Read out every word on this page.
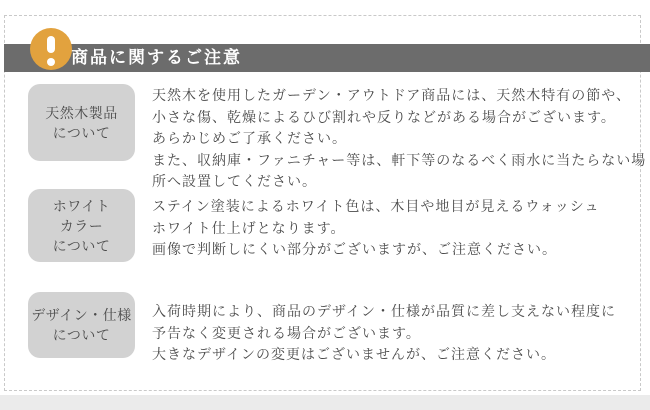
商品に関するご注意
天然木製品
について
天然木を使用したガーデン・アウトドア商品には、天然木特有の節や、
小さな傷、乾燥によるひび割れや反りなどがある場合がございます。
あらかじめご了承ください。
また、収納庫・ファニチャー等は、軒下等のなるべく雨水に当たらない場
所へ設置してください。
ホワイト
カラー
について
ステイン塗装によるホワイト色は、木目や地目が見えるウォッシュ
ホワイト仕上げとなります。
画像で判断しにくい部分がございますが、ご注意ください。
デザイン・仕様
について
入荷時期により、商品のデザイン・仕様が品質に差し支えない程度に
予告なく変更される場合がございます。
大きなデザインの変更はございませんが、ご注意ください。
